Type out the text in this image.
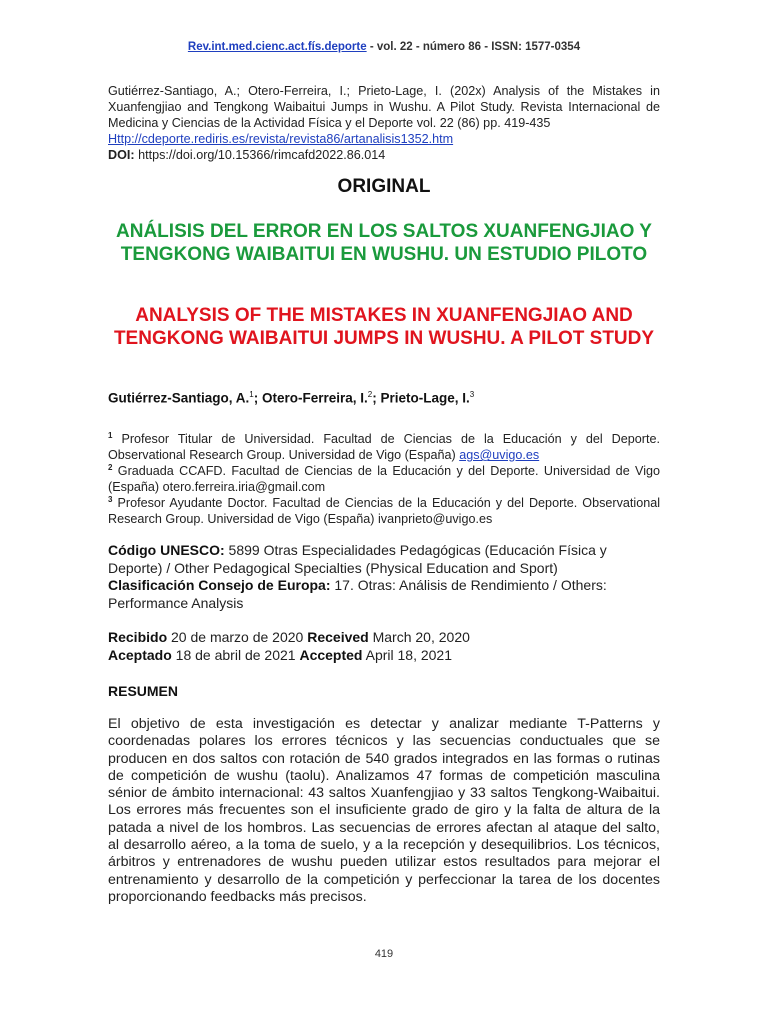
Rev.int.med.cienc.act.fís.deporte - vol. 22 - número 86 - ISSN: 1577-0354
Gutiérrez-Santiago, A.; Otero-Ferreira, I.; Prieto-Lage, I. (202x) Analysis of the Mistakes in Xuanfengjiao and Tengkong Waibaitui Jumps in Wushu. A Pilot Study. Revista Internacional de Medicina y Ciencias de la Actividad Física y el Deporte vol. 22 (86) pp. 419-435
Http://cdeporte.rediris.es/revista/revista86/artanalisis1352.htm
DOI: https://doi.org/10.15366/rimcafd2022.86.014
ORIGINAL
ANÁLISIS DEL ERROR EN LOS SALTOS XUANFENGJIAO Y TENGKONG WAIBAITUI EN WUSHU. UN ESTUDIO PILOTO
ANALYSIS OF THE MISTAKES IN XUANFENGJIAO AND TENGKONG WAIBAITUI JUMPS IN WUSHU. A PILOT STUDY
Gutiérrez-Santiago, A.$^1$; Otero-Ferreira, I.$^2$; Prieto-Lage, I.$^3$
$^1$ Profesor Titular de Universidad. Facultad de Ciencias de la Educación y del Deporte. Observational Research Group. Universidad de Vigo (España) ags@uvigo.es
$^2$ Graduada CCAFD. Facultad de Ciencias de la Educación y del Deporte. Universidad de Vigo (España) otero.ferreira.iria@gmail.com
$^3$ Profesor Ayudante Doctor. Facultad de Ciencias de la Educación y del Deporte. Observational Research Group. Universidad de Vigo (España) ivanprieto@uvigo.es
Código UNESCO: 5899 Otras Especialidades Pedagógicas (Educación Física y Deporte) / Other Pedagogical Specialties (Physical Education and Sport)
Clasificación Consejo de Europa: 17. Otras: Análisis de Rendimiento / Others: Performance Analysis
Recibido 20 de marzo de 2020 Received March 20, 2020
Aceptado 18 de abril de 2021 Accepted April 18, 2021
RESUMEN
El objetivo de esta investigación es detectar y analizar mediante T-Patterns y coordenadas polares los errores técnicos y las secuencias conductuales que se producen en dos saltos con rotación de 540 grados integrados en las formas o rutinas de competición de wushu (taolu). Analizamos 47 formas de competición masculina sénior de ámbito internacional: 43 saltos Xuanfengjiao y 33 saltos Tengkong-Waibaitui. Los errores más frecuentes son el insuficiente grado de giro y la falta de altura de la patada a nivel de los hombros. Las secuencias de errores afectan al ataque del salto, al desarrollo aéreo, a la toma de suelo, y a la recepción y desequilibrios. Los técnicos, árbitros y entrenadores de wushu pueden utilizar estos resultados para mejorar el entrenamiento y desarrollo de la competición y perfeccionar la tarea de los docentes proporcionando feedbacks más precisos.
419
